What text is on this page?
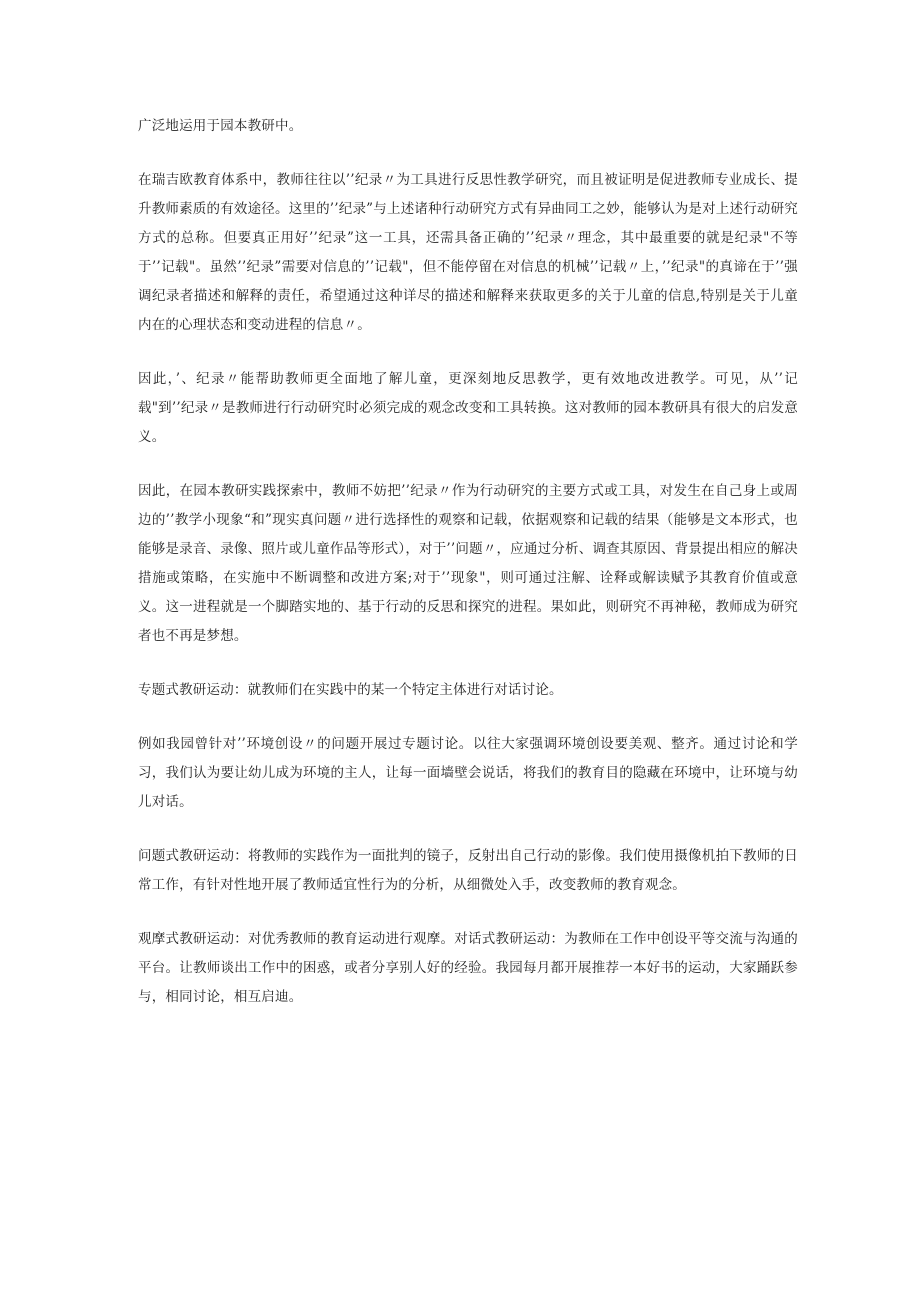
广泛地运用于园本教研中。

在瑞吉欧教育体系中，教师往往以’’纪录〃为工具进行反思性教学研究，而且被证明是促进教师专业成长、提升教师素质的有效途径。这里的’’纪录”与上述诸种行动研究方式有异曲同工之妙，能够认为是对上述行动研究方式的总称。但要真正用好’’纪录”这一工具，还需具备正确的’’纪录〃理念，其中最重要的就是纪录"不等于’’记载"。虽然’’纪录”需要对信息的’’记载"，但不能停留在对信息的机械’’记载〃上，’’纪录"的真谛在于’’强调纪录者描述和解释的责任，希望通过这种详尽的描述和解释来获取更多的关于儿童的信息,特别是关于儿童内在的心理状态和变动进程的信息〃。

因此，’、纪录〃能帮助教师更全面地了解儿童，更深刻地反思教学，更有效地改进教学。可见，从’’记载"到’’纪录〃是教师进行行动研究时必须完成的观念改变和工具转换。这对教师的园本教研具有很大的启发意义。

因此，在园本教研实践探索中，教师不妨把’’纪录〃作为行动研究的主要方式或工具，对发生在自己身上或周边的’’教学小现象“和”现实真问题〃进行选择性的观察和记载，依据观察和记载的结果（能够是文本形式，也能够是录音、录像、照片或儿童作品等形式），对于’’问题〃，应通过分析、调查其原因、背景提出相应的解决措施或策略，在实施中不断调整和改进方案;对于’’现象"，则可通过注解、诠释或解读赋予其教育价值或意义。这一进程就是一个脚踏实地的、基于行动的反思和探究的进程。果如此，则研究不再神秘，教师成为研究者也不再是梦想。

专题式教研运动：就教师们在实践中的某一个特定主体进行对话讨论。

例如我园曾针对’’环境创设〃的问题开展过专题讨论。以往大家强调环境创设要美观、整齐。通过讨论和学习，我们认为要让幼儿成为环境的主人，让每一面墙壁会说话，将我们的教育目的隐藏在环境中，让环境与幼儿对话。

问题式教研运动：将教师的实践作为一面批判的镜子，反射出自己行动的影像。我们使用摄像机拍下教师的日常工作，有针对性地开展了教师适宜性行为的分析，从细微处入手，改变教师的教育观念。

观摩式教研运动：对优秀教师的教育运动进行观摩。对话式教研运动：为教师在工作中创设平等交流与沟通的平台。让教师谈出工作中的困惑，或者分享别人好的经验。我园每月都开展推荐一本好书的运动，大家踊跃参与，相同讨论，相互启迪。
